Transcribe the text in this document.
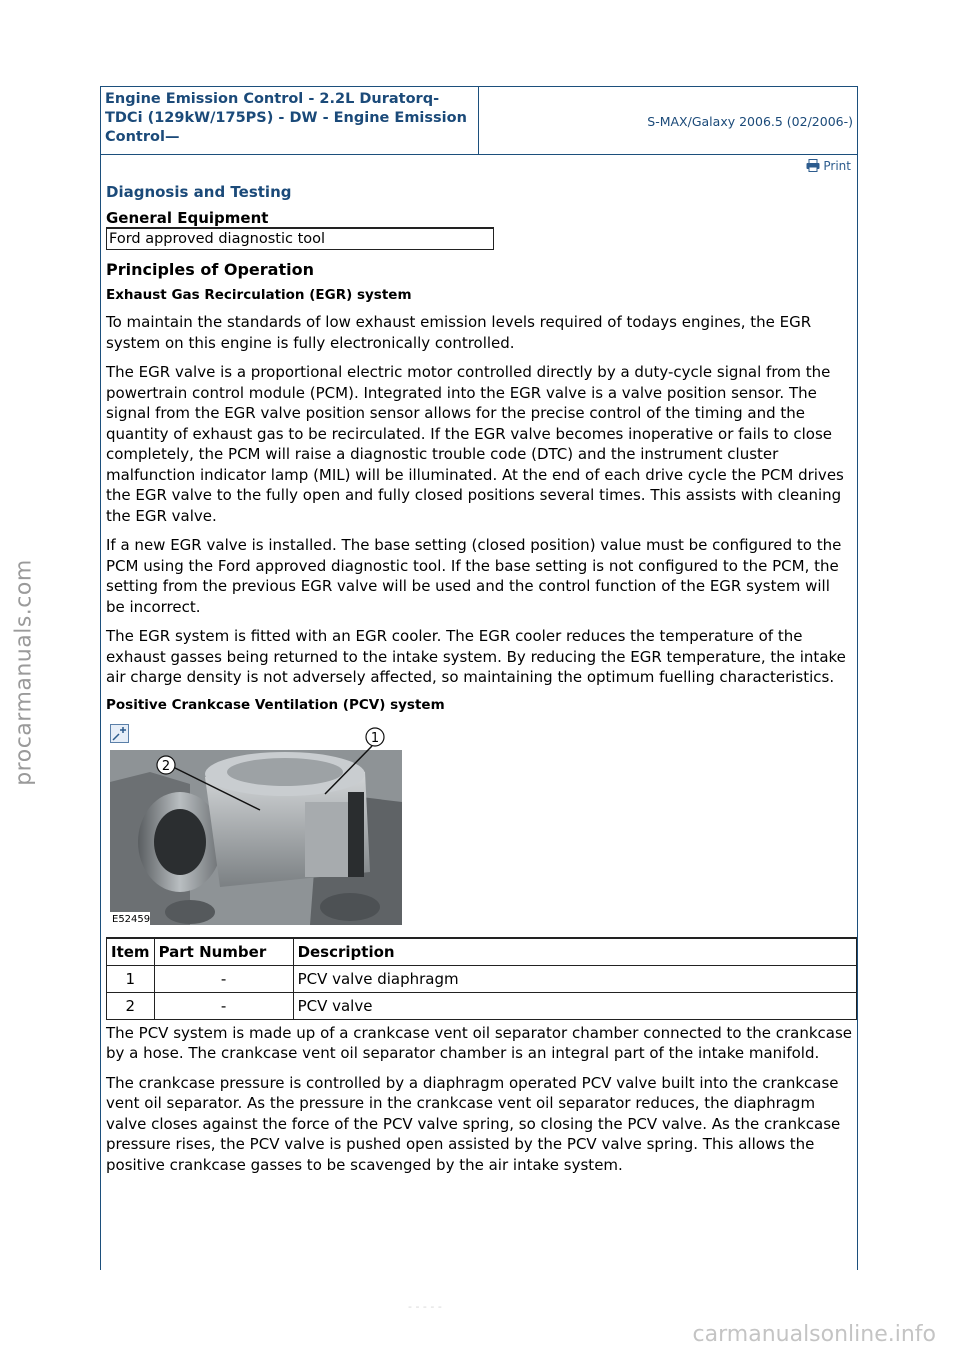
procarmanuals.com
carmanualsonline.info
- - - - -
Engine Emission Control - 2.2L Duratorq-TDCi (129kW/175PS) - DW - Engine Emission Control—
S-MAX/Galaxy 2006.5 (02/2006-)
Print
Diagnosis and Testing
General Equipment
Ford approved diagnostic tool
Principles of Operation
Exhaust Gas Recirculation (EGR) system

To maintain the standards of low exhaust emission levels required of todays engines, the EGR system on this engine is fully electronically controlled.

The EGR valve is a proportional electric motor controlled directly by a duty-cycle signal from the powertrain control module (PCM). Integrated into the EGR valve is a valve position sensor. The signal from the EGR valve position sensor allows for the precise control of the timing and the quantity of exhaust gas to be recirculated. If the EGR valve becomes inoperative or fails to close completely, the PCM will raise a diagnostic trouble code (DTC) and the instrument cluster malfunction indicator lamp (MIL) will be illuminated. At the end of each drive cycle the PCM drives the EGR valve to the fully open and fully closed positions several times. This assists with cleaning the EGR valve.

If a new EGR valve is installed. The base setting (closed position) value must be configured to the PCM using the Ford approved diagnostic tool. If the base setting is not configured to the PCM, the setting from the previous EGR valve will be used and the control function of the EGR system will be incorrect.

The EGR system is fitted with an EGR cooler. The EGR cooler reduces the temperature of the exhaust gasses being returned to the intake system. By reducing the EGR temperature, the intake air charge density is not adversely affected, so maintaining the optimum fuelling characteristics.

Positive Crankcase Ventilation (PCV) system
2
1
E52459
Item	Part Number	Description
1	-	PCV valve diaphragm
2	-	PCV valve

The PCV system is made up of a crankcase vent oil separator chamber connected to the crankcase by a hose. The crankcase vent oil separator chamber is an integral part of the intake manifold.

The crankcase pressure is controlled by a diaphragm operated PCV valve built into the crankcase vent oil separator. As the pressure in the crankcase vent oil separator reduces, the diaphragm valve closes against the force of the PCV valve spring, so closing the PCV valve. As the crankcase pressure rises, the PCV valve is pushed open assisted by the PCV valve spring. This allows the positive crankcase gasses to be scavenged by the air intake system.
